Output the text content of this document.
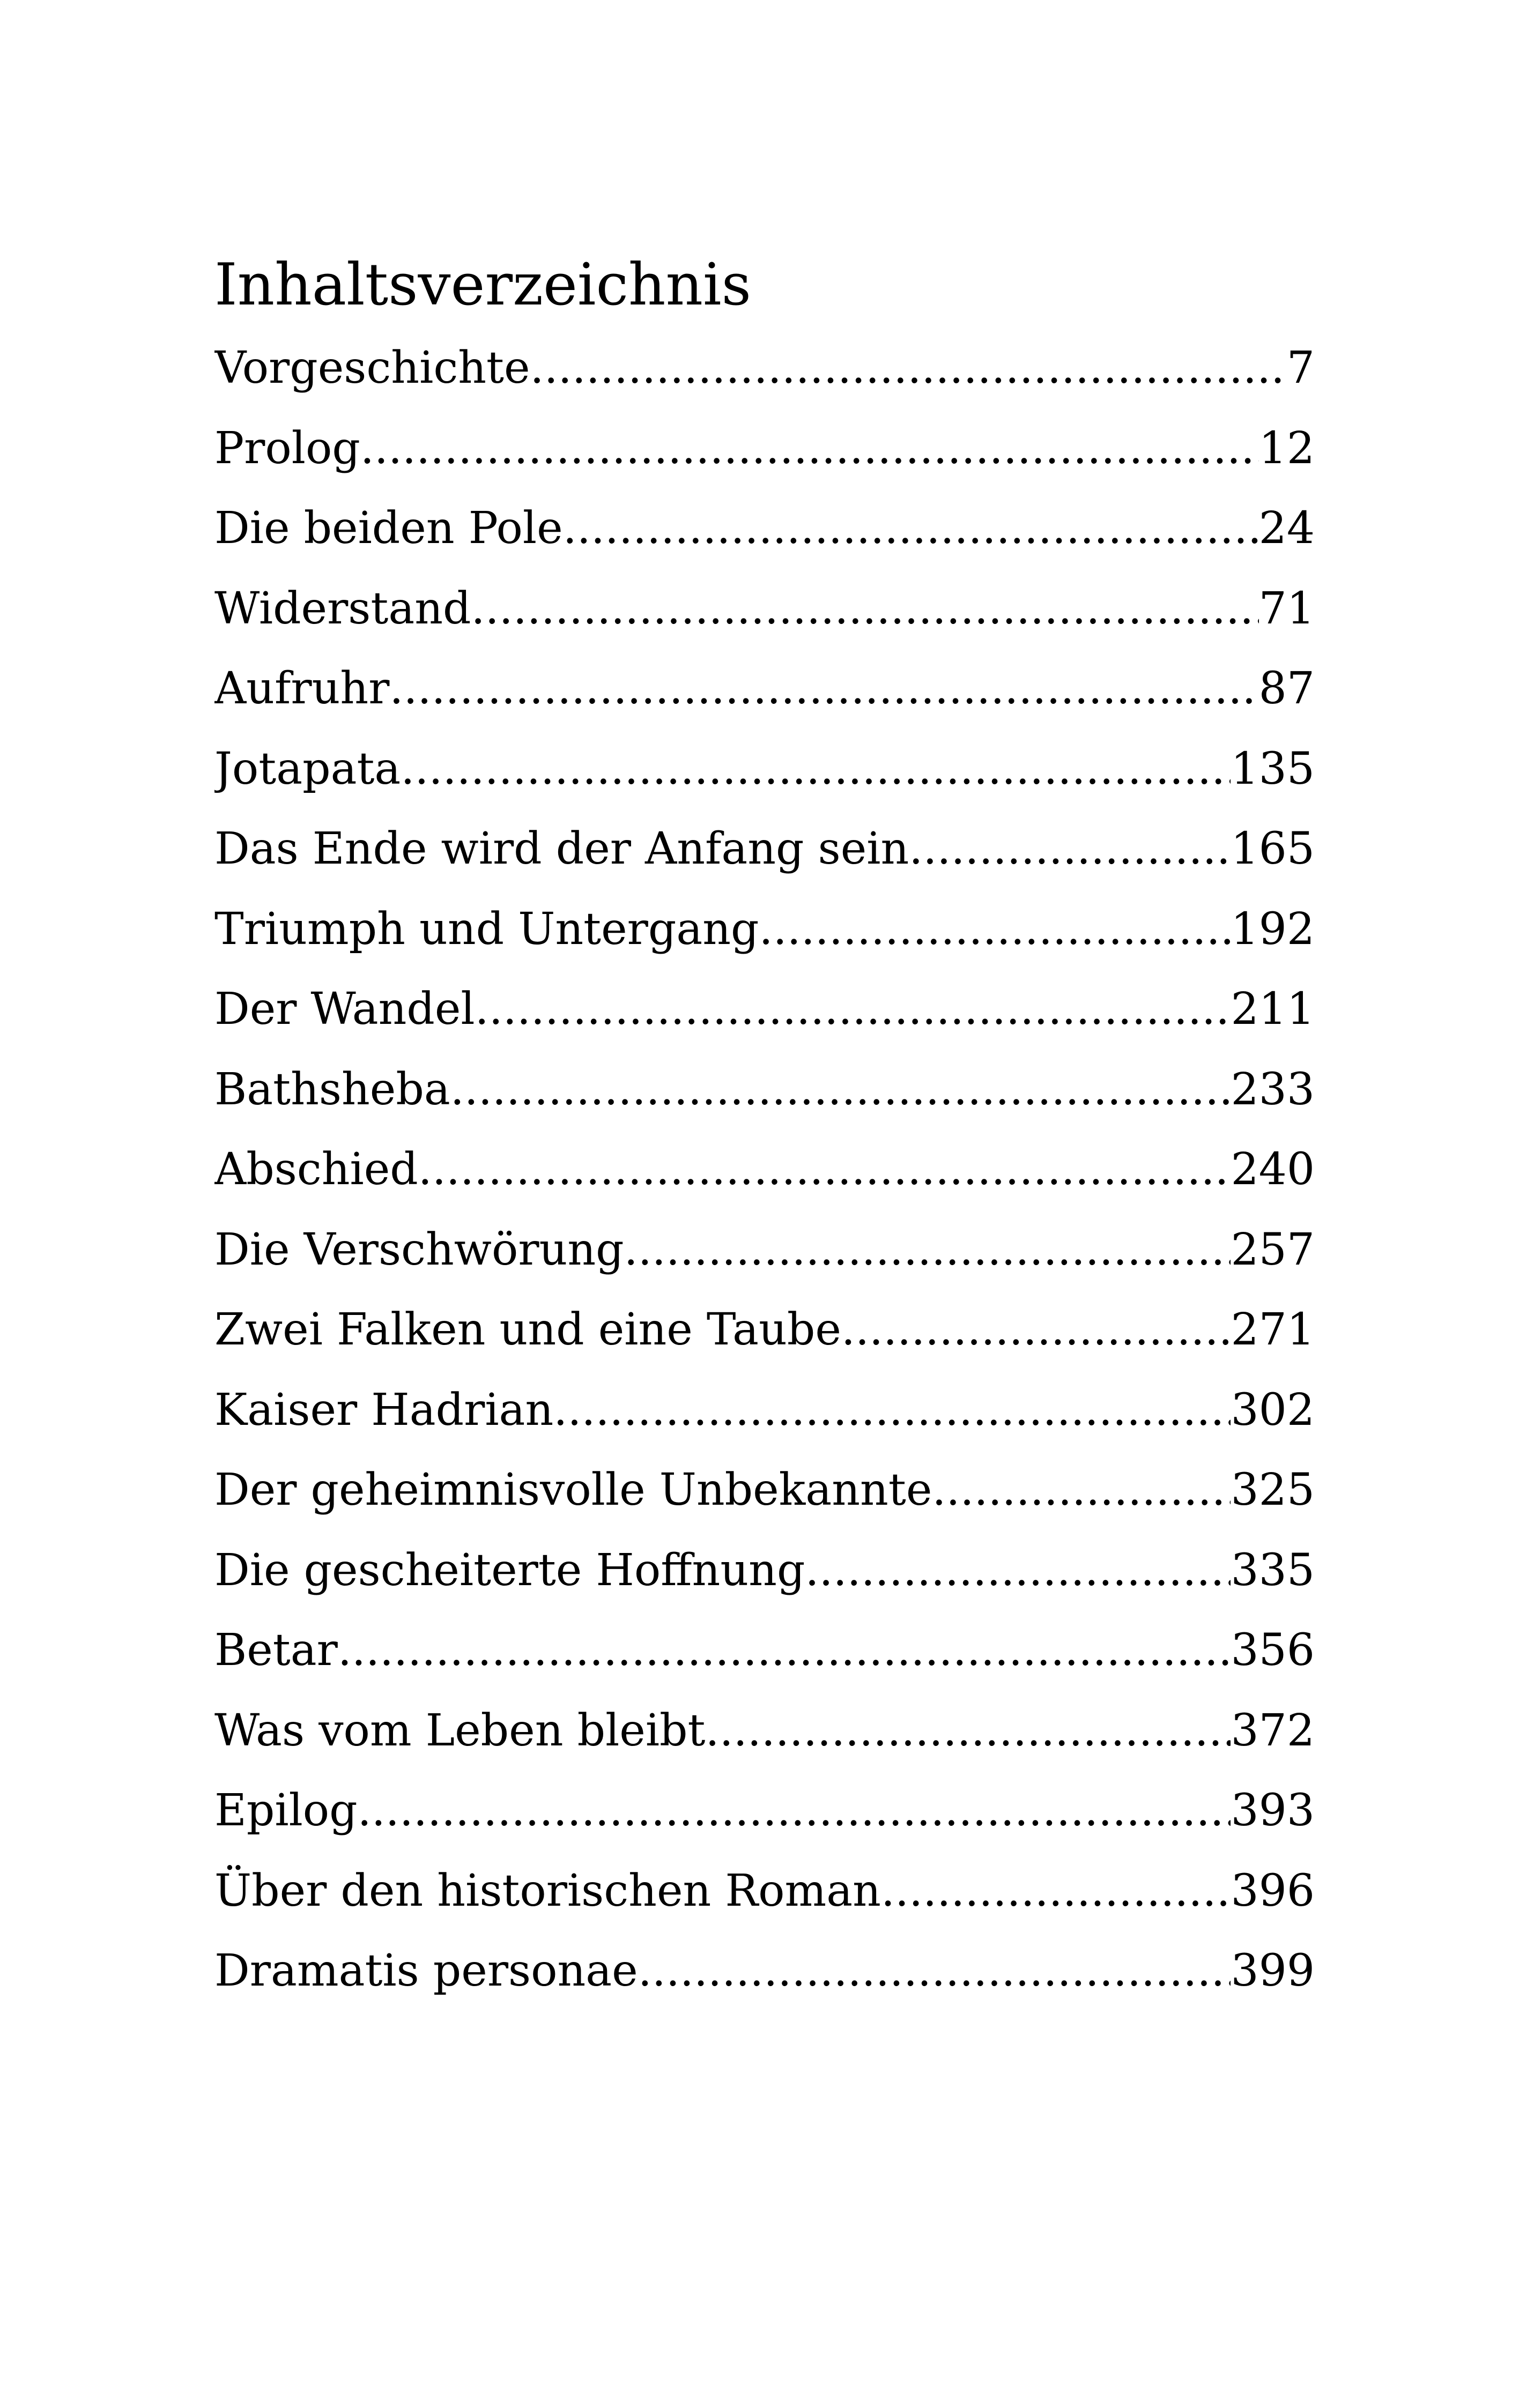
Inhaltsverzeichnis
Vorgeschichte .....	7
Prolog .....	12
Die beiden Pole .....	24
Widerstand .....	71
Aufruhr .....	87
Jotapata .....	135
Das Ende wird der Anfang sein .....	165
Triumph und Untergang .....	192
Der Wandel .....	211
Bathsheba .....	233
Abschied .....	240
Die Verschwörung .....	257
Zwei Falken und eine Taube .....	271
Kaiser Hadrian .....	302
Der geheimnisvolle Unbekannte .....	325
Die gescheiterte Hoffnung .....	335
Betar .....	356
Was vom Leben bleibt .....	372
Epilog .....	393
Über den historischen Roman .....	396
Dramatis personae .....	399
